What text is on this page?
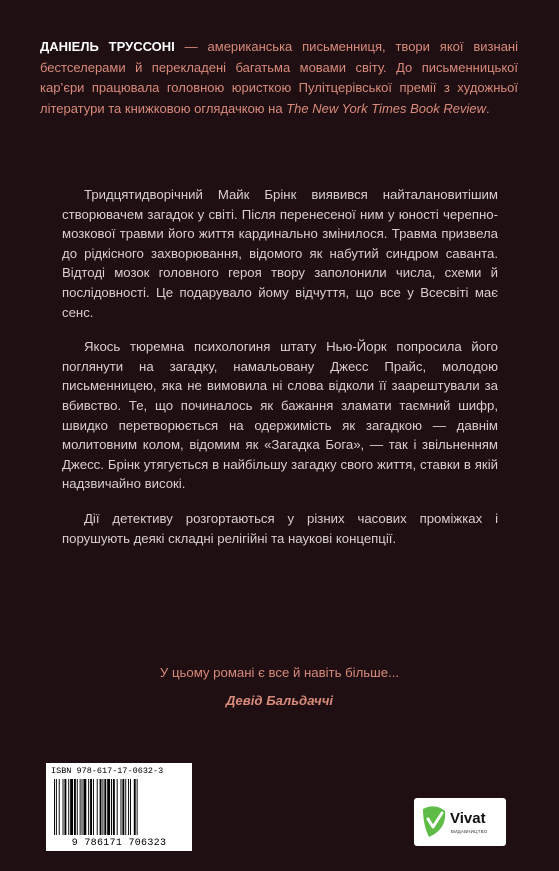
ДАНІЕЛЬ ТРУССОНІ — американська письменниця, твори якої визнані бестселерами й перекладені багатьма мовами світу. До письменницької кар’єри працювала головною юристкою Пулітцерівської премії з художньої літератури та книжковою оглядачкою на The New York Times Book Review.

Тридцятидворічний Майк Брінк виявився найталановитішим створювачем загадок у світі. Після перенесеної ним у юності черепно-мозкової травми його життя кардинально змінилося. Травма призвела до рідкісного захворювання, відомого як набутий синдром саванта. Відтоді мозок головного героя твору заполонили числа, схеми й послідовності. Це подарувало йому відчуття, що все у Всесвіті має сенс.

Якось тюремна психологиня штату Нью-Йорк попросила його поглянути на загадку, намальовану Джесс Прайс, молодою письменницею, яка не вимовила ні слова відколи її заарештували за вбивство. Те, що починалось як бажання зламати таємний шифр, швидко перетворюється на одержимість як загадкою — давнім молитовним колом, відомим як «Загадка Бога», — так і звільненням Джесс. Брінк утягується в найбільшу загадку свого життя, ставки в якій надзвичайно високі.

Дії детективу розгортаються у різних часових проміжках і порушують деякі складні релігійні та наукові концепції.

У цьому романі є все й навіть більше...
Девід Бальдаччі
ISBN 978-617-17-0632-3
9 786171 706323
Vivat
ВИДАВНИЦТВО
